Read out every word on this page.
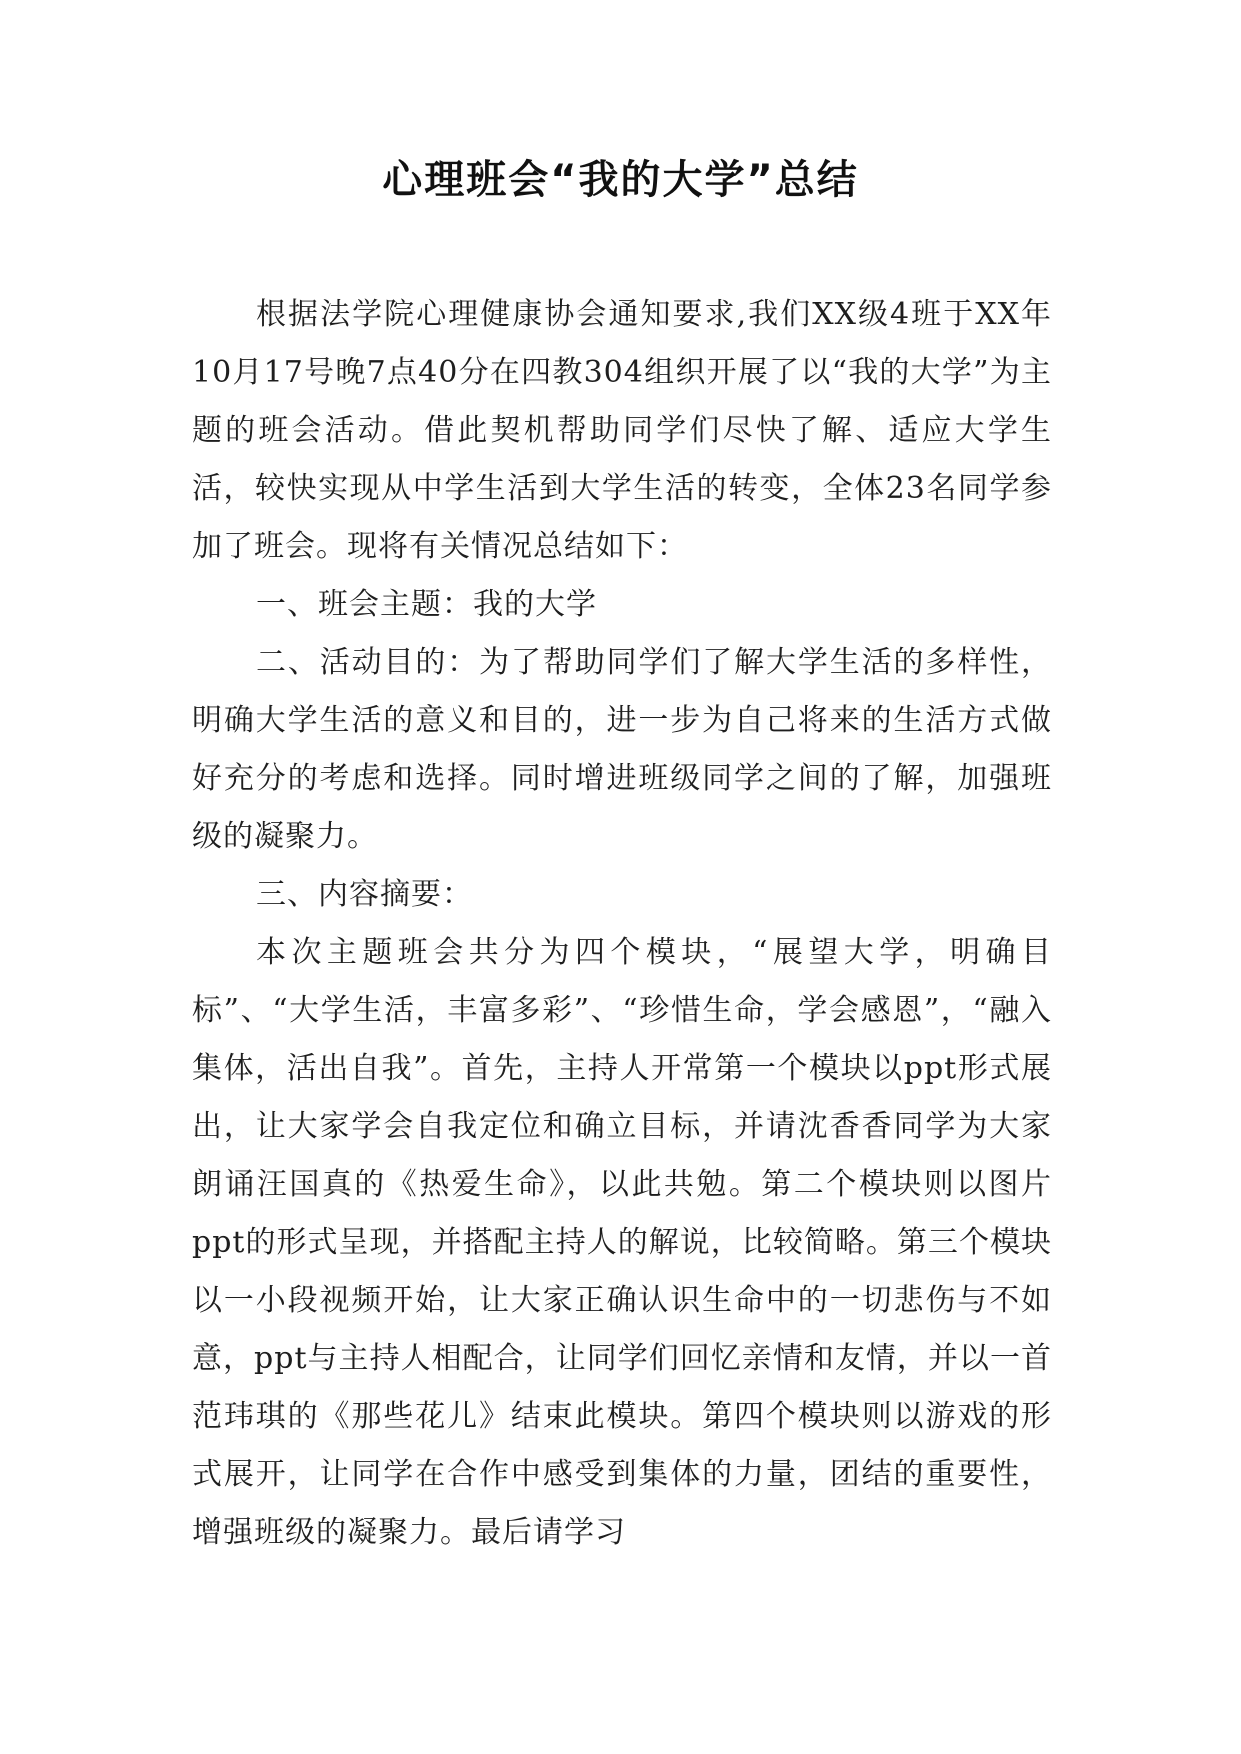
心理班会“我的大学”总结

根据法学院心理健康协会通知要求,我们XX级4班于XX年10月17号晚7点40分在四教304组织开展了以“我的大学”为主题的班会活动。借此契机帮助同学们尽快了解、适应大学生活，较快实现从中学生活到大学生活的转变，全体23名同学参加了班会。现将有关情况总结如下：

一、班会主题：我的大学

二、活动目的：为了帮助同学们了解大学生活的多样性，明确大学生活的意义和目的，进一步为自己将来的生活方式做好充分的考虑和选择。同时增进班级同学之间的了解，加强班级的凝聚力。

三、内容摘要：

本次主题班会共分为四个模块，“展望大学，明确目标”、“大学生活，丰富多彩”、“珍惜生命，学会感恩”，“融入集体，活出自我”。首先，主持人开常第一个模块以ppt形式展出，让大家学会自我定位和确立目标，并请沈香香同学为大家朗诵汪国真的《热爱生命》，以此共勉。第二个模块则以图片ppt的形式呈现，并搭配主持人的解说，比较简略。第三个模块以一小段视频开始，让大家正确认识生命中的一切悲伤与不如意，ppt与主持人相配合，让同学们回忆亲情和友情，并以一首范玮琪的《那些花儿》结束此模块。第四个模块则以游戏的形式展开，让同学在合作中感受到集体的力量，团结的重要性，增强班级的凝聚力。最后请学习
